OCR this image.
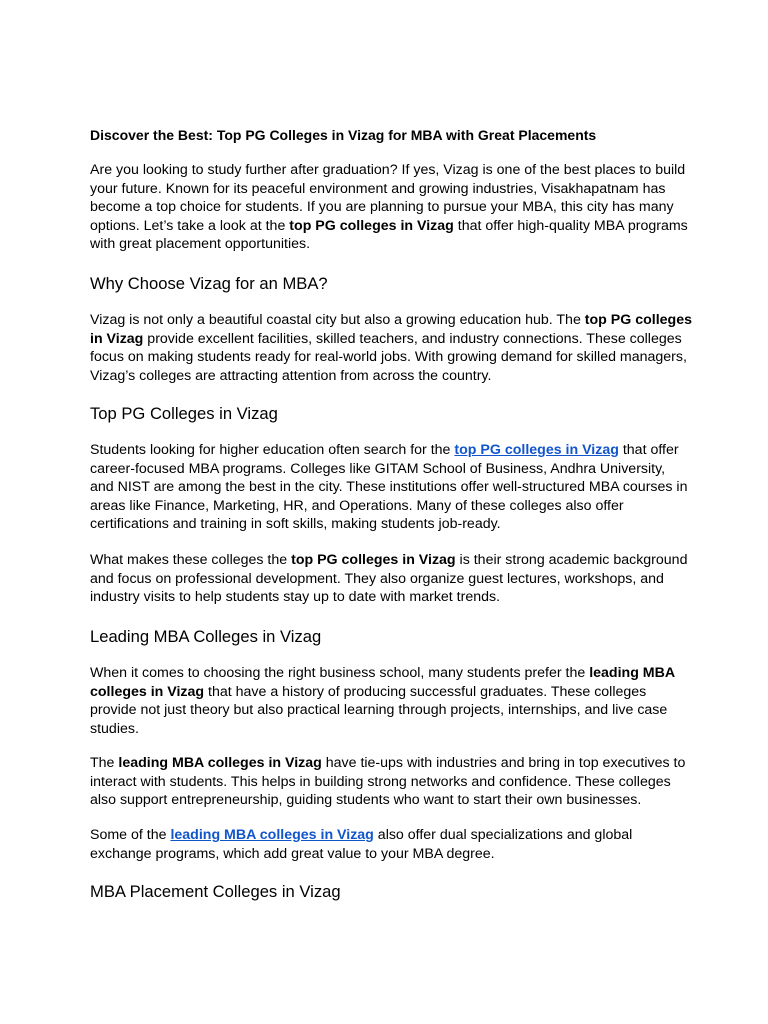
Discover the Best: Top PG Colleges in Vizag for MBA with Great Placements

Are you looking to study further after graduation? If yes, Vizag is one of the best places to build
your future. Known for its peaceful environment and growing industries, Visakhapatnam has
become a top choice for students. If you are planning to pursue your MBA, this city has many
options. Let’s take a look at the top PG colleges in Vizag that offer high-quality MBA programs
with great placement opportunities.

Why Choose Vizag for an MBA?

Vizag is not only a beautiful coastal city but also a growing education hub. The top PG colleges
in Vizag provide excellent facilities, skilled teachers, and industry connections. These colleges
focus on making students ready for real-world jobs. With growing demand for skilled managers,
Vizag’s colleges are attracting attention from across the country.

Top PG Colleges in Vizag

Students looking for higher education often search for the top PG colleges in Vizag that offer
career-focused MBA programs. Colleges like GITAM School of Business, Andhra University,
and NIST are among the best in the city. These institutions offer well-structured MBA courses in
areas like Finance, Marketing, HR, and Operations. Many of these colleges also offer
certifications and training in soft skills, making students job-ready.

What makes these colleges the top PG colleges in Vizag is their strong academic background
and focus on professional development. They also organize guest lectures, workshops, and
industry visits to help students stay up to date with market trends.

Leading MBA Colleges in Vizag

When it comes to choosing the right business school, many students prefer the leading MBA
colleges in Vizag that have a history of producing successful graduates. These colleges
provide not just theory but also practical learning through projects, internships, and live case
studies.

The leading MBA colleges in Vizag have tie-ups with industries and bring in top executives to
interact with students. This helps in building strong networks and confidence. These colleges
also support entrepreneurship, guiding students who want to start their own businesses.

Some of the leading MBA colleges in Vizag also offer dual specializations and global
exchange programs, which add great value to your MBA degree.

MBA Placement Colleges in Vizag
